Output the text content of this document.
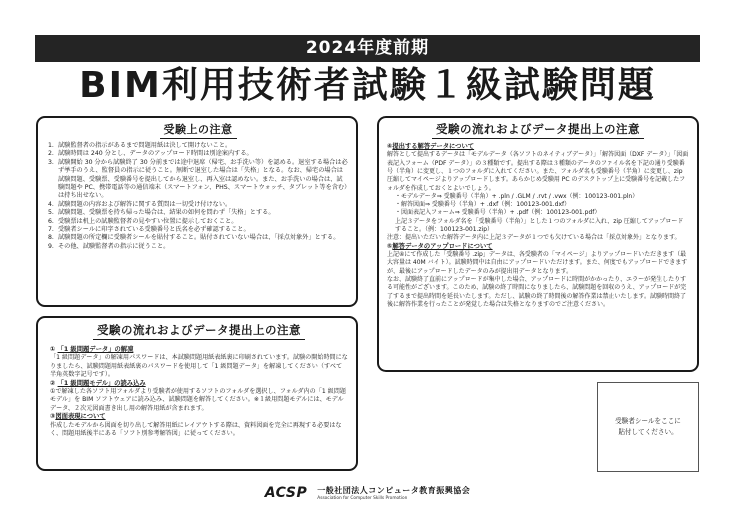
2024年度前期
BIM利用技術者試験１級試験問題
受験上の注意
1. 試験監督者の指示があるまで問題用紙は決して開けないこと。
2. 試験時間は 240 分とし、データのアップロード時間は別途案内する。
3. 試験開始 30 分から試験終了 30 分前までは途中退席（帰宅、お手洗い等）を認める。退室する場合は必ず挙手のうえ、監督員の指示に従うこと。無断で退室した場合は「失格」となる。なお、帰宅の場合は試験問題、受験票、受験番号を提出してから退室し、再入室は認めない。また、お手洗いの場合は、試験問題や PC、携帯電話等の通信端末（スマートフォン、PHS、スマートウォッチ、タブレット等を含む）は持ち出せない。
4. 試験問題の内容および解答に関する質問は一切受け付けない。
5. 試験問題、受験票を持ち帰った場合は、結果の如何を問わず「失格」とする。
6. 受験票は机上の試験監督者の見やすい位置に提示しておくこと。
7. 受験者シールに印字されている受験番号と氏名を必ず確認すること。
8. 試験問題の所定欄に受験者シールを貼付すること。貼付されていない場合は、「採点対象外」とする。
9. その他、試験監督者の指示に従うこと。
受験の流れおよびデータ提出上の注意
① 「1 級問題データ」の解凍
「1 級問題データ」の解凍用パスワードは、本試験問題用紙表紙裏に印刷されています。試験の開始時間になりましたら、試験問題用紙表紙裏のパスワードを使用して「1 級問題データ」を解凍してください（すべて半角英数字記号です）。
② 「1 級問題モデル」の読み込み
①で解凍した各ソフト用フォルダより受験者が使用するソフトのフォルダを選択し、フォルダ内の「1 級問題モデル」を BIM ソフトウェアに読み込み、試験問題を解答してください。※１級用問題モデルには、モデルデータ、２次元図面書き出し用の解答用紙が含まれます。
③図面表現について
作成したモデルから図面を切り出して解答用紙にレイアウトする際は、資料図面を完全に再現する必要はなく、問題用紙後半にある「ソフト別参考解答図」に従ってください。
受験の流れおよびデータ提出上の注意
④提出する解答データについて
解答として提出するデータは「モデルデータ（各ソフトのネイティブデータ）」「解答図面（DXF データ）」「図面表記入フォーム（PDF データ）」の３種類です。提出する際は３種類のデータのファイル名を下記の通り受験番号（半角）に変更し、１つのフォルダに入れてください。また、フォルダ名も受験番号（半角）に変更し、zip 圧縮してマイページよりアップロードします。あらかじめ受験用 PC のデスクトップ上に受験番号を記載したフォルダを作成しておくとよいでしょう。
・モデルデータ⇒ 受験番号（半角）+ .pln / .GLM / .rvt / .vwx（例：100123-001.pln）
・解答図面⇒ 受験番号（半角）+ .dxf（例：100123-001.dxf）
・図面表記入フォーム⇒ 受験番号（半角）+ .pdf（例：100123-001.pdf）
上記３データをフォルダ名を「受験番号（半角）」とした１つのフォルダに入れ、zip 圧縮してアップロードすること。（例：100123-001.zip）
注意：提出いただいた解答データ内に上記３データが１つでも欠けている場合は「採点対象外」となります。
⑤解答データのアップロードについて
上記④にて作成した「受験番号 .zip」データは、各受験者の「マイページ」よりアップロードいただきます（最大容量は 40M バイト）。試験時間中は自由にアップロードいただけます。また、何度でもアップロードできますが、最後にアップロードしたデータのみが提出用データとなります。
なお、試験終了直前にアップロードが集中した場合、アップロードに時間がかかったり、エラーが発生したりする可能性がございます。このため、試験の終了時間になりましたら、試験問題を回収のうえ、アップロードが完了するまで提出時間を延長いたします。ただし、試験の終了時間後の解答作業は禁止いたします。試験時間終了後に解答作業を行ったことが発覚した場合は失格となりますのでご注意ください。
受験者シールをここに
貼付してください。
ACSP 一般社団法人コンピュータ教育振興協会
Association for Computer Skills Promotion
